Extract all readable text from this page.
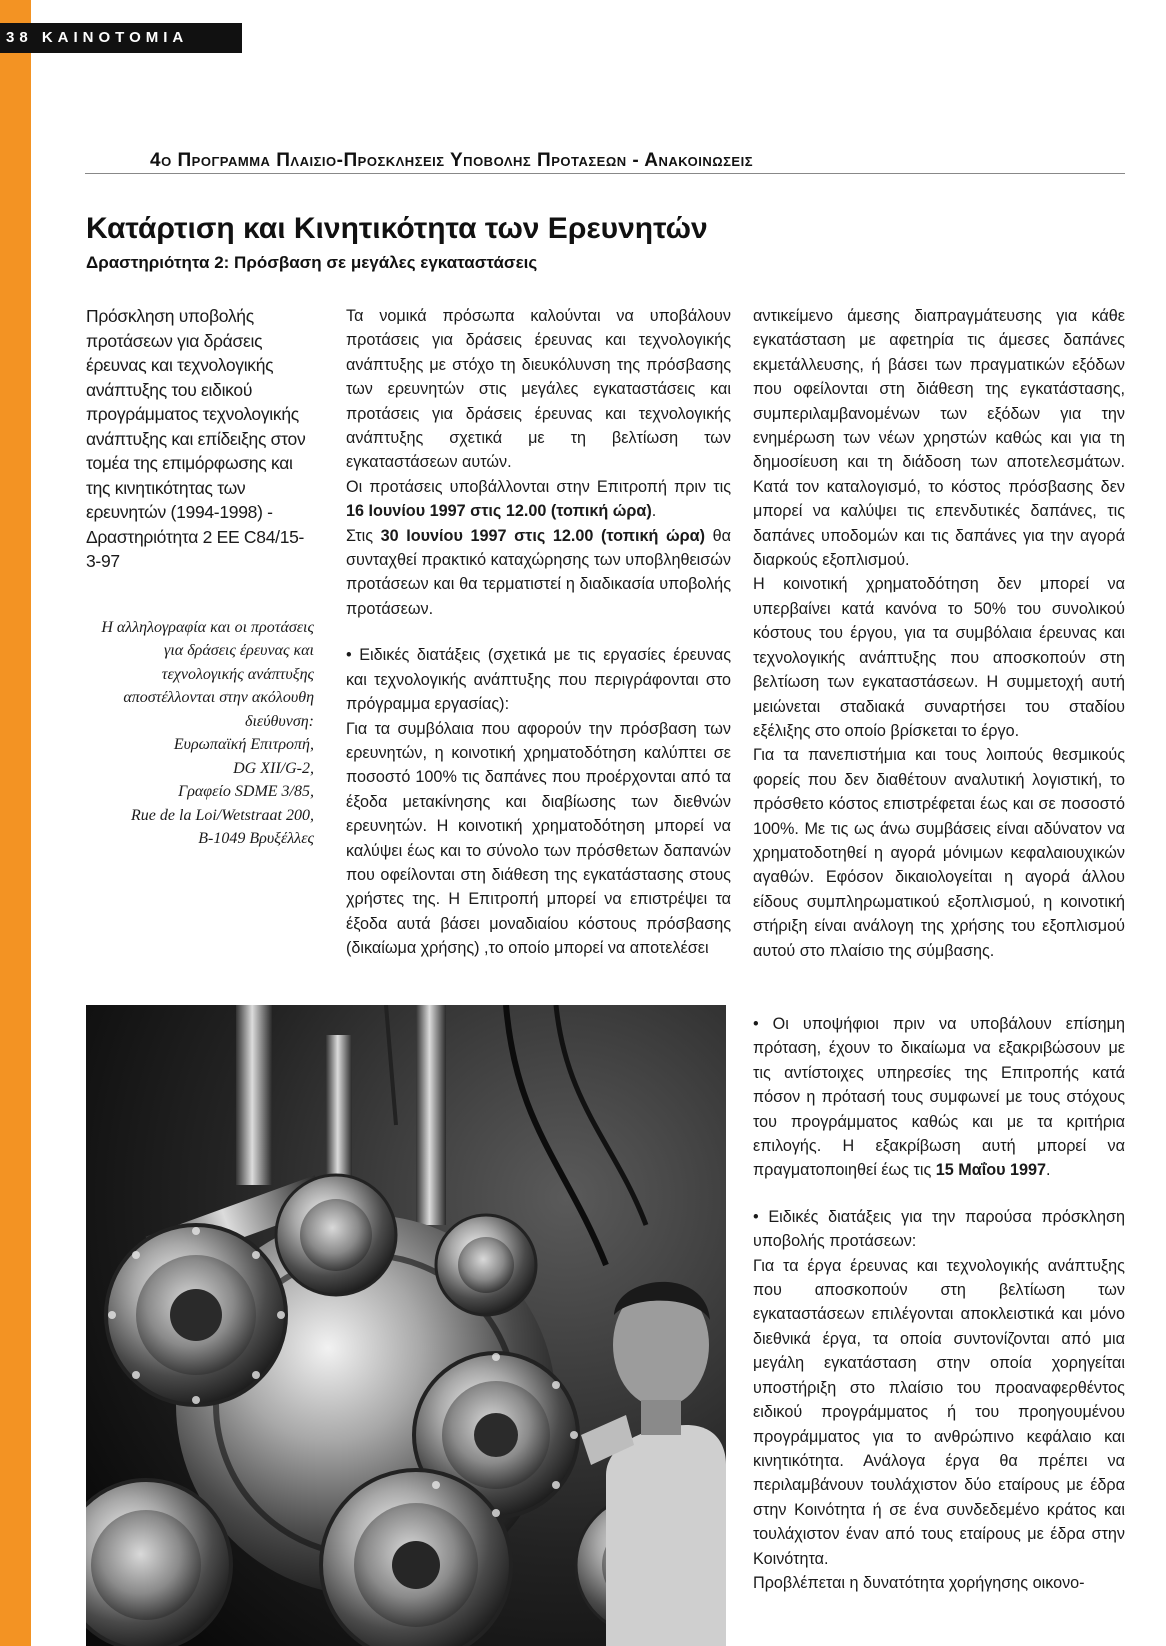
38 ΚΑΙΝΟΤΟΜΙΑ
4ο Προγραμμα Πλαισιο-Προσκλησεις Υποβολης Προτασεων - Ανακοινωσεις
Κατάρτιση και Κινητικότητα των Ερευνητών
Δραστηριότητα 2: Πρόσβαση σε μεγάλες εγκαταστάσεις

Πρόσκληση υποβολής προτάσεων για δράσεις έρευνας και τεχνολογικής ανάπτυξης του ειδικού προγράμματος τεχνολογικής ανάπτυξης και επίδειξης στον τομέα της επιμόρφωσης και της κινητικότητας των ερευνητών (1994-1998) - Δραστηριότητα 2 ΕΕ C84/15-3-97

Η αλληλογραφία και οι προτάσεις
για δράσεις έρευνας και
τεχνολογικής ανάπτυξης
αποστέλλονται στην ακόλουθη
διεύθυνση:
Ευρωπαϊκή Επιτροπή,
DG XII/G-2,
Γραφείο SDME 3/85,
Rue de la Loi/Wetstraat 200,
B-1049 Βρυξέλλες

Τα νομικά πρόσωπα καλούνται να υποβάλουν προτάσεις για δράσεις έρευνας και τεχνολογικής ανάπτυξης με στόχο τη διευκόλυνση της πρόσβασης των ερευνητών στις μεγάλες εγκαταστάσεις και προτάσεις για δράσεις έρευνας και τεχνολογικής ανάπτυξης σχετικά με τη βελτίωση των εγκαταστάσεων αυτών.

Οι προτάσεις υποβάλλονται στην Επιτροπή πριν τις 16 Ιουνίου 1997 στις 12.00 (τοπική ώρα).

Στις 30 Ιουνίου 1997 στις 12.00 (τοπική ώρα) θα συνταχθεί πρακτικό καταχώρησης των υποβληθεισών προτάσεων και θα τερματιστεί η διαδικασία υποβολής προτάσεων.

• Ειδικές διατάξεις (σχετικά με τις εργασίες έρευνας και τεχνολογικής ανάπτυξης που περιγράφονται στο πρόγραμμα εργασίας):

Για τα συμβόλαια που αφορούν την πρόσβαση των ερευνητών, η κοινοτική χρηματοδότηση καλύπτει σε ποσοστό 100% τις δαπάνες που προέρχονται από τα έξοδα μετακίνησης και διαβίωσης των διεθνών ερευνητών. Η κοινοτική χρηματοδότηση μπορεί να καλύψει έως και το σύνολο των πρόσθετων δαπανών που οφείλονται στη διάθεση της εγκατάστασης στους χρήστες της. Η Επιτροπή μπορεί να επιστρέψει τα έξοδα αυτά βάσει μοναδιαίου κόστους πρόσβασης (δικαίωμα χρήσης) ,το οποίο μπορεί να αποτελέσει

αντικείμενο άμεσης διαπραγμάτευσης για κάθε εγκατάσταση με αφετηρία τις άμεσες δαπάνες εκμετάλλευσης, ή βάσει των πραγματικών εξόδων που οφείλονται στη διάθεση της εγκατάστασης, συμπεριλαμβανομένων των εξόδων για την ενημέρωση των νέων χρηστών καθώς και για τη δημοσίευση και τη διάδοση των αποτελεσμάτων. Κατά τον καταλογισμό, το κόστος πρόσβασης δεν μπορεί να καλύψει τις επενδυτικές δαπάνες, τις δαπάνες υποδομών και τις δαπάνες για την αγορά διαρκούς εξοπλισμού.

Η κοινοτική χρηματοδότηση δεν μπορεί να υπερβαίνει κατά κανόνα το 50% του συνολικού κόστους του έργου, για τα συμβόλαια έρευνας και τεχνολογικής ανάπτυξης που αποσκοπούν στη βελτίωση των εγκαταστάσεων. Η συμμετοχή αυτή μειώνεται σταδιακά συναρτήσει του σταδίου εξέλιξης στο οποίο βρίσκεται το έργο.

Για τα πανεπιστήμια και τους λοιπούς θεσμικούς φορείς που δεν διαθέτουν αναλυτική λογιστική, το πρόσθετο κόστος επιστρέφεται έως και σε ποσοστό 100%. Με τις ως άνω συμβάσεις είναι αδύνατον να χρηματοδοτηθεί η αγορά μόνιμων κεφαλαιουχικών αγαθών. Εφόσον δικαιολογείται η αγορά άλλου είδους συμπληρωματικού εξοπλισμού, η κοινοτική στήριξη είναι ανάλογη της χρήσης του εξοπλισμού αυτού στο πλαίσιο της σύμβασης.

• Οι υποψήφιοι πριν να υποβάλουν επίσημη πρόταση, έχουν το δικαίωμα να εξακριβώσουν με τις αντίστοιχες υπηρεσίες της Επιτροπής κατά πόσον η πρότασή τους συμφωνεί με τους στόχους του προγράμματος καθώς και με τα κριτήρια επιλογής. Η εξακρίβωση αυτή μπορεί να πραγματοποιηθεί έως τις 15 Μαΐου 1997.

• Ειδικές διατάξεις για την παρούσα πρόσκληση υποβολής προτάσεων:

Για τα έργα έρευνας και τεχνολογικής ανάπτυξης που αποσκοπούν στη βελτίωση των εγκαταστάσεων επιλέγονται αποκλειστικά και μόνο διεθνικά έργα, τα οποία συντονίζονται από μια μεγάλη εγκατάσταση στην οποία χορηγείται υποστήριξη στο πλαίσιο του προαναφερθέντος ειδικού προγράμματος ή του προηγουμένου προγράμματος για το ανθρώπινο κεφάλαιο και κινητικότητα. Ανάλογα έργα θα πρέπει να περιλαμβάνουν τουλάχιστον δύο εταίρους με έδρα στην Κοινότητα ή σε ένα συνδεδεμένο κράτος και τουλάχιστον έναν από τους εταίρους με έδρα στην Κοινότητα.

Προβλέπεται η δυνατότητα χορήγησης οικονο-
